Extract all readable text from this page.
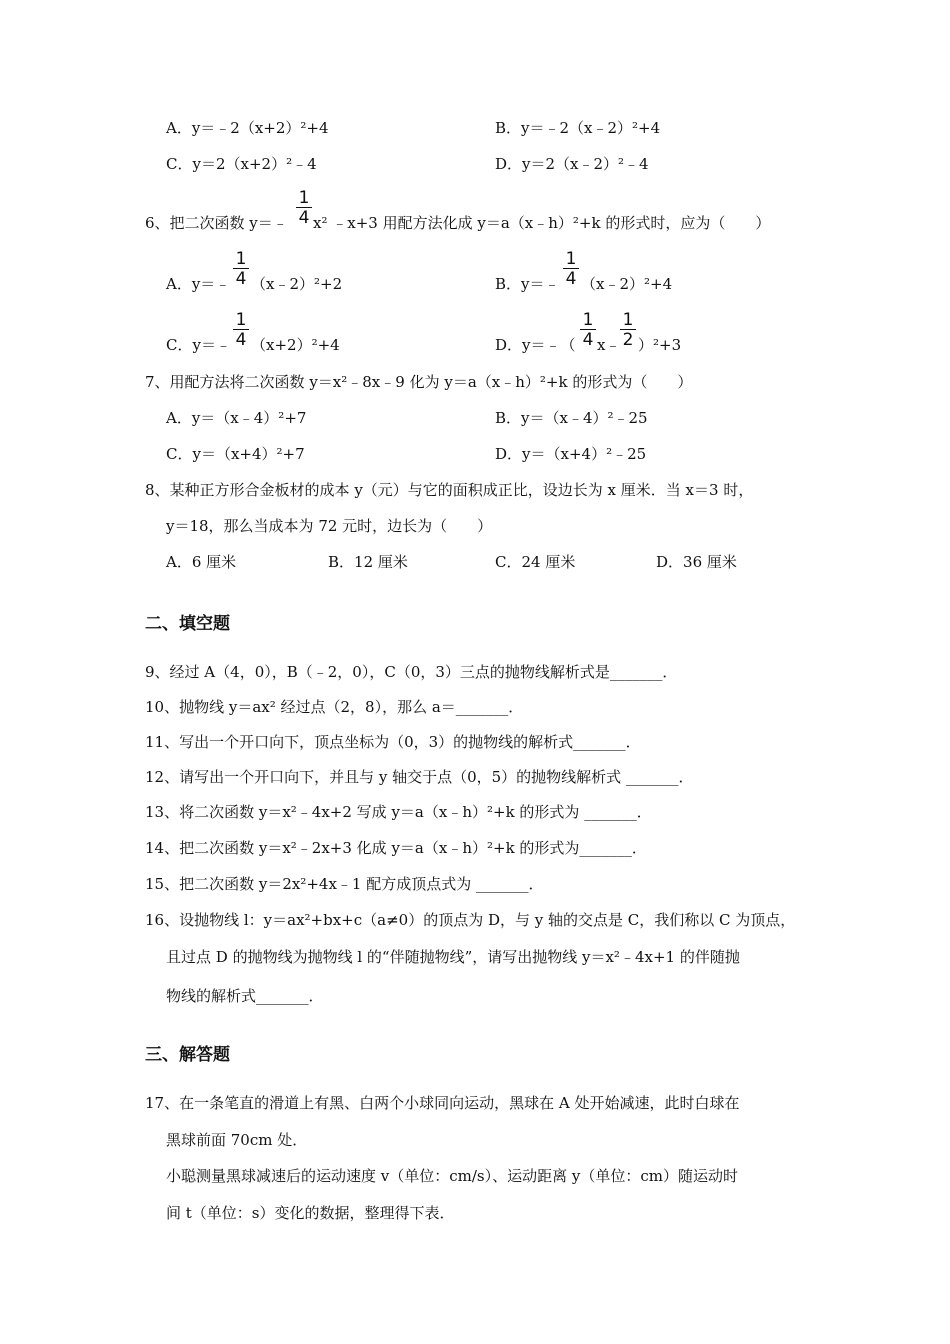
A．y＝﹣2（x+2）²+4	B．y＝﹣2（x﹣2）²+4
C．y＝2（x+2）²﹣4	D．y＝2（x﹣2）²﹣4
6、把二次函数 y＝﹣ $\frac{1}{4} x^2$ ﹣x+3 用配方法化成 y＝a（x﹣h）²+k 的形式时，应为（　　）
A．y＝﹣ $\frac{1}{4}$ （x﹣2）²+2	B．y＝﹣ $\frac{1}{4}$ （x﹣2）²+4
C．y＝﹣ $\frac{1}{4} (x+2)^2+4$	D．y＝﹣（ $\frac{1}{4}$ x﹣ $\frac{1}{2} )^2+3$
7、用配方法将二次函数 y＝x²﹣8x﹣9 化为 y＝a（x﹣h）²+k 的形式为（　　）
A．y＝（x﹣4）²+7	B．y＝（x﹣4）²﹣25
C．y＝（x+4）²+7	D．y＝（x+4）²﹣25
8、某种正方形合金板材的成本 y（元）与它的面积成正比，设边长为 x 厘米．当 x＝3 时，
y＝18，那么当成本为 72 元时，边长为（　　）
A．6 厘米	B．12 厘米	C．24 厘米	D．36 厘米
二、填空题
9、经过 A（4，0），B（﹣2，0），C（0，3）三点的抛物线解析式是_______．
10、抛物线 y＝ax² 经过点（2，8），那么 a＝_______．
11、写出一个开口向下，顶点坐标为（0，3）的抛物线的解析式_______．
12、请写出一个开口向下，并且与 y 轴交于点（0，5）的抛物线解析式 _______．
13、将二次函数 y＝x²﹣4x+2 写成 y＝a（x﹣h）²+k 的形式为 _______．
14、把二次函数 y＝x²﹣2x+3 化成 y＝a（x﹣h）²+k 的形式为_______．
15、把二次函数 y＝2x²+4x﹣1 配方成顶点式为 _______．
16、设抛物线 l：y＝ax²+bx+c（a≠0）的顶点为 D，与 y 轴的交点是 C，我们称以 C 为顶点，
且过点 D 的抛物线为抛物线 l 的“伴随抛物线”，请写出抛物线 y＝x²﹣4x+1 的伴随抛
物线的解析式_______．
三、解答题
17、在一条笔直的滑道上有黑、白两个小球同向运动，黑球在 A 处开始减速，此时白球在
黑球前面 70cm 处．
小聪测量黑球减速后的运动速度 v（单位：cm/s）、运动距离 y（单位：cm）随运动时
间 t（单位：s）变化的数据，整理得下表．
